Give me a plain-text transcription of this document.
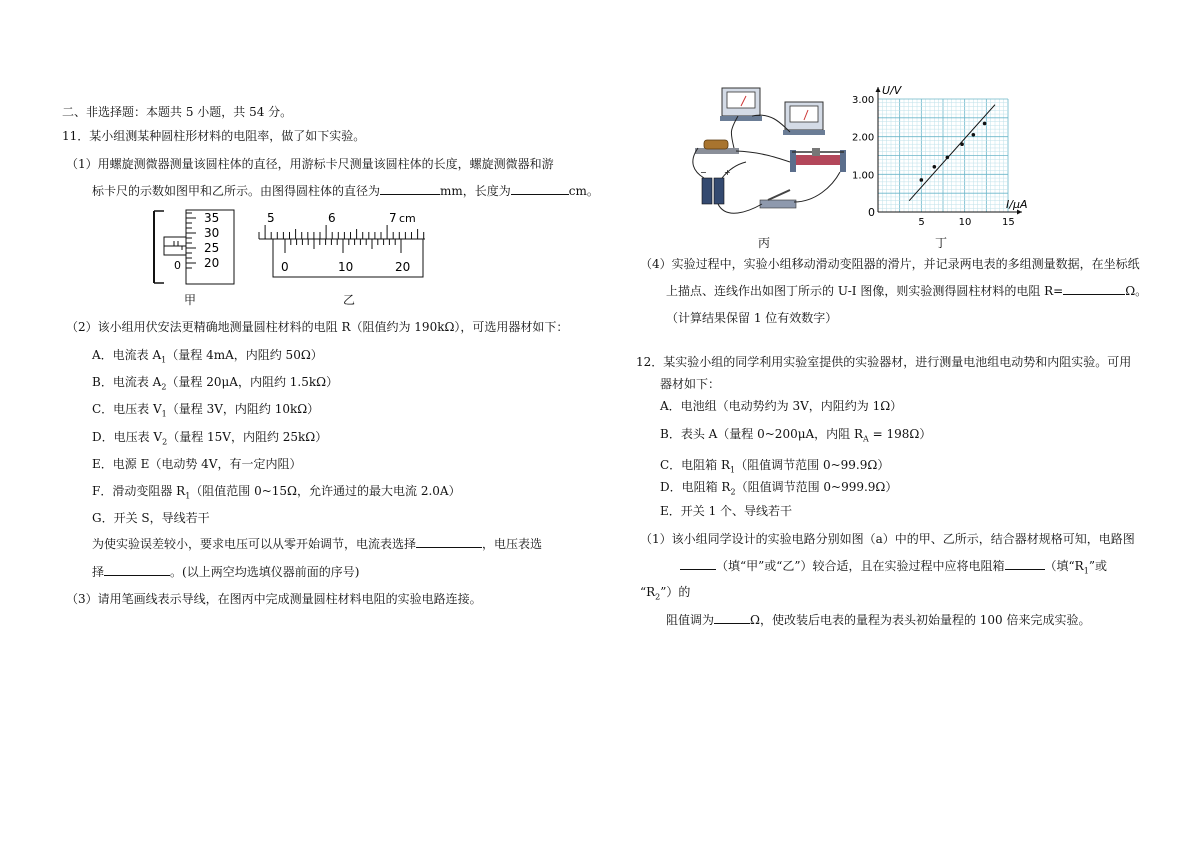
二、非选择题：本题共 5 小题，共 54 分。
11．某小组测某种圆柱形材料的电阻率，做了如下实验。
（1）用螺旋测微器测量该圆柱体的直径，用游标卡尺测量该圆柱体的长度，螺旋测微器和游
标卡尺的示数如图甲和乙所示。由图得圆柱体的直径为	mm，长度为	cm。
35
30
25
20
0
甲
5	6	7 cm
0	10	20
乙
（2）该小组用伏安法更精确地测量圆柱材料的电阻 R（阻值约为 190kΩ），可选用器材如下：
A．电流表 $A_1$（量程 4mA，内阻约 50Ω）
B．电流表 $A_2$（量程 20μA，内阻约 1.5kΩ）
C．电压表 $V_1$（量程 3V，内阻约 10kΩ）
D．电压表 $V_2$（量程 15V，内阻约 25kΩ）
E．电源 E（电动势 4V，有一定内阻）
F．滑动变阻器 $R_1$（阻值范围 0~15Ω，允许通过的最大电流 2.0A）
G．开关 S，导线若干
为使实验误差较小，要求电压可以从零开始调节，电流表选择	，电压表选
择	。(以上两空均选填仪器前面的序号)
（3）请用笔画线表示导线，在图丙中完成测量圆柱材料电阻的实验电路连接。
− +
丙
5	10	15
1.00
2.00
3.00
U/V
I/μA
0
丁
（4）实验过程中，实验小组移动滑动变阻器的滑片，并记录两电表的多组测量数据，在坐标纸
上描点、连线作出如图丁所示的 U-I 图像，则实验测得圆柱材料的电阻 R=	Ω。
（计算结果保留 1 位有效数字）
12．某实验小组的同学利用实验室提供的实验器材，进行测量电池组电动势和内阻实验。可用
器材如下：
A．电池组（电动势约为 3V，内阻约为 1Ω）
B．表头 A（量程 0~200μA，内阻 $R_A = 198\Omega$）
C．电阻箱 $R_1$（阻值调节范围 0~99.9Ω）
D．电阻箱 $R_2$（阻值调节范围 0~999.9Ω）
E．开关 1 个、导线若干
（1）该小组同学设计的实验电路分别如图（a）中的甲、乙所示，结合器材规格可知，电路图
（填“甲”或“乙”）较合适，且在实验过程中应将电阻箱	（填“$R_1$”或
“$R_2$”）的
阻值调为	Ω，使改装后电表的量程为表头初始量程的 100 倍来完成实验。
